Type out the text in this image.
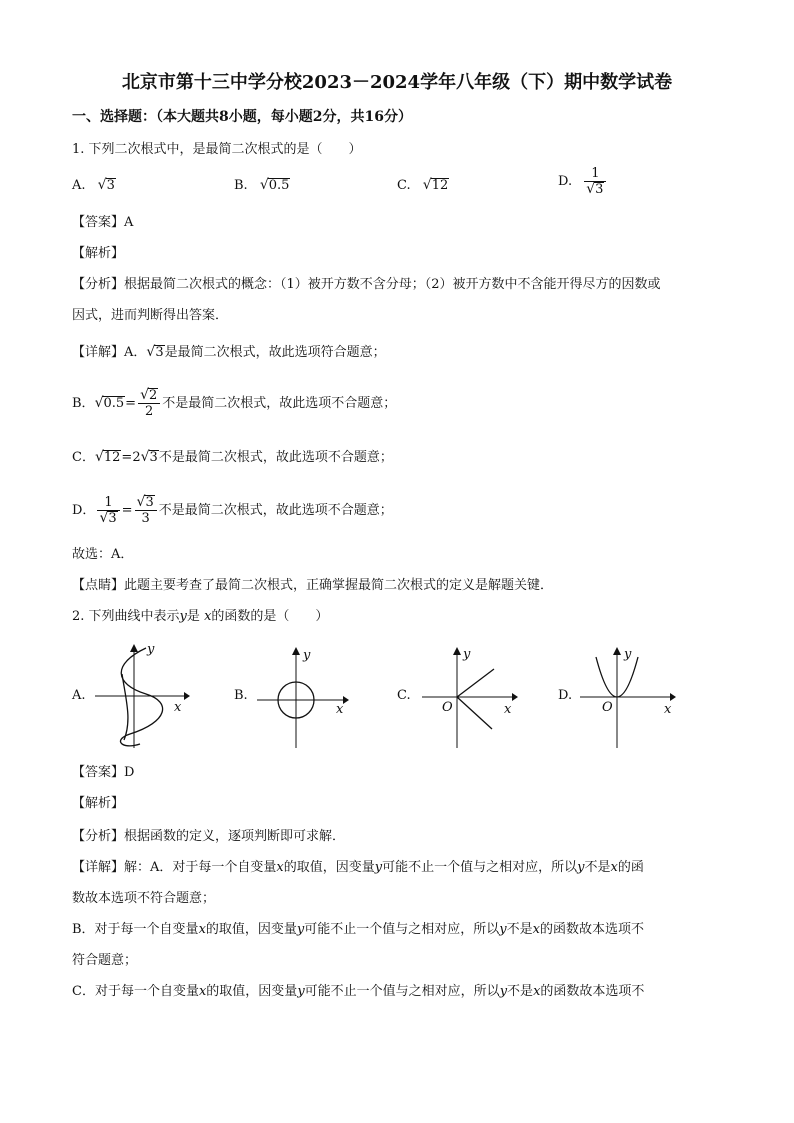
北京市第十三中学分校2023－2024学年八年级（下）期中数学试卷
一、选择题：（本大题共8小题，每小题2分，共16分）
1. 下列二次根式中，是最简二次根式的是（　　）
A. √3	B. √0.5	C. √12	D. $\frac{1}{√3}$
【答案】A
【解析】
【分析】根据最简二次根式的概念：（1）被开方数不含分母；（2）被开方数中不含能开得尽方的因数或
因式，进而判断得出答案．
【详解】A．√3是最简二次根式，故此选项符合题意；
B．$√0.5= \frac{√2}{2}$ 不是最简二次根式，故此选项不合题意；
C．√12=2√3不是最简二次根式，故此选项不合题意；
D． $\frac{1}{√3} = \frac{√3}{3}$ 不是最简二次根式，故此选项不合题意；
故选：A．
【点睛】此题主要考查了最简二次根式，正确掌握最简二次根式的定义是解题关键．
2. 下列曲线中表示y是 x的函数的是（　　）
A.
y
x
B.
y
x
C.
y
x
O
D.
y
x
O
【答案】D
【解析】
【分析】根据函数的定义，逐项判断即可求解．
【详解】解：A．对于每一个自变量x的取值，因变量y可能不止一个值与之相对应，所以y不是x的函
数故本选项不符合题意；
B．对于每一个自变量x的取值，因变量y可能不止一个值与之相对应，所以y不是x的函数故本选项不
符合题意；
C．对于每一个自变量x的取值，因变量y可能不止一个值与之相对应，所以y不是x的函数故本选项不
